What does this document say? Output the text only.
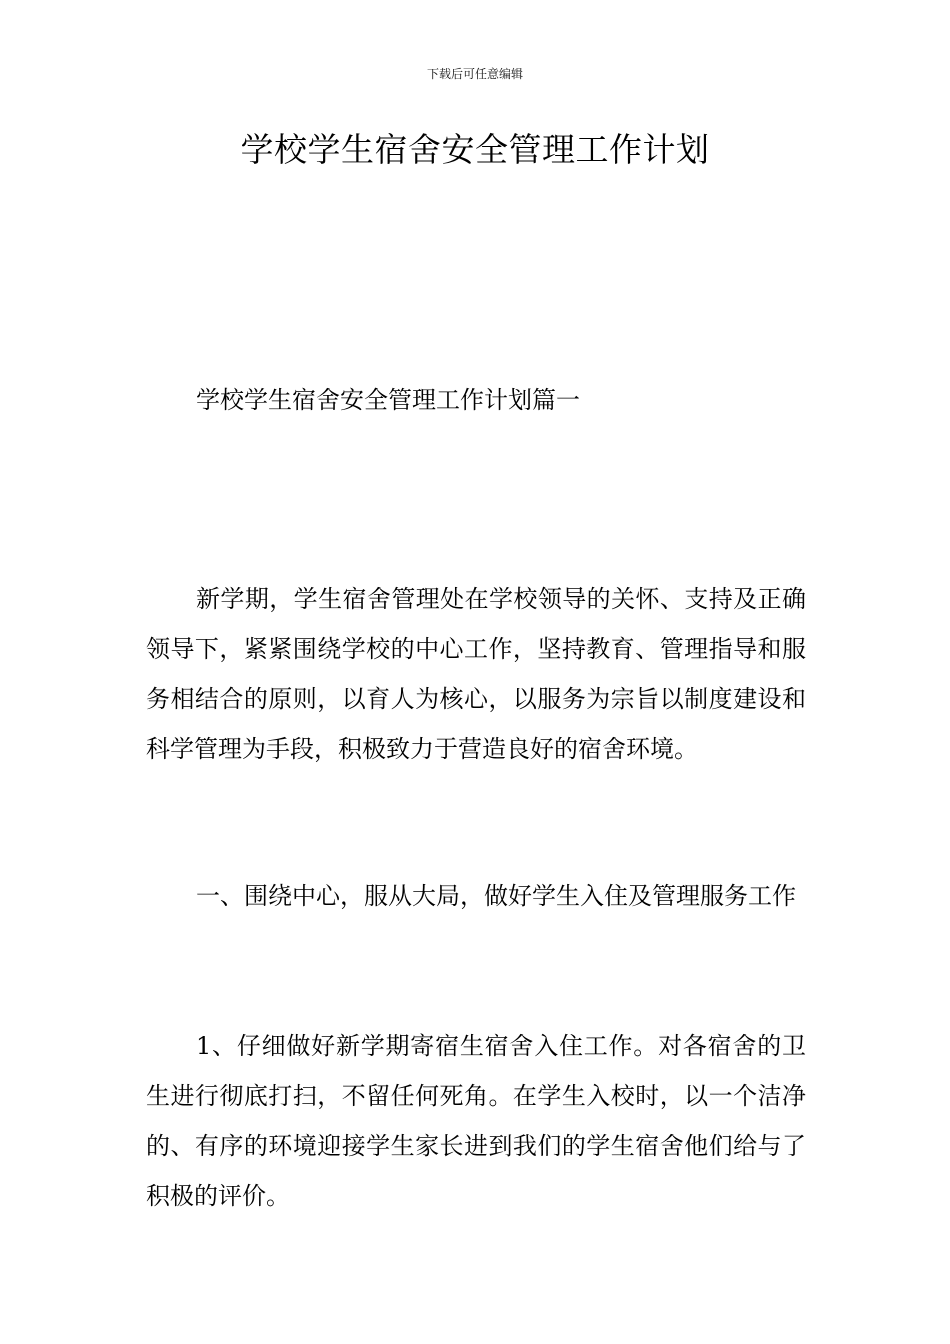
下载后可任意编辑
学校学生宿舍安全管理工作计划
学校学生宿舍安全管理工作计划篇一

新学期，学生宿舍管理处在学校领导的关怀、支持及正确领导下，紧紧围绕学校的中心工作，坚持教育、管理指导和服务相结合的原则，以育人为核心，以服务为宗旨以制度建设和科学管理为手段，积极致力于营造良好的宿舍环境。

一、围绕中心，服从大局，做好学生入住及管理服务工作

1、仔细做好新学期寄宿生宿舍入住工作。对各宿舍的卫生进行彻底打扫，不留任何死角。在学生入校时，以一个洁净的、有序的环境迎接学生家长进到我们的学生宿舍他们给与了积极的评价。
